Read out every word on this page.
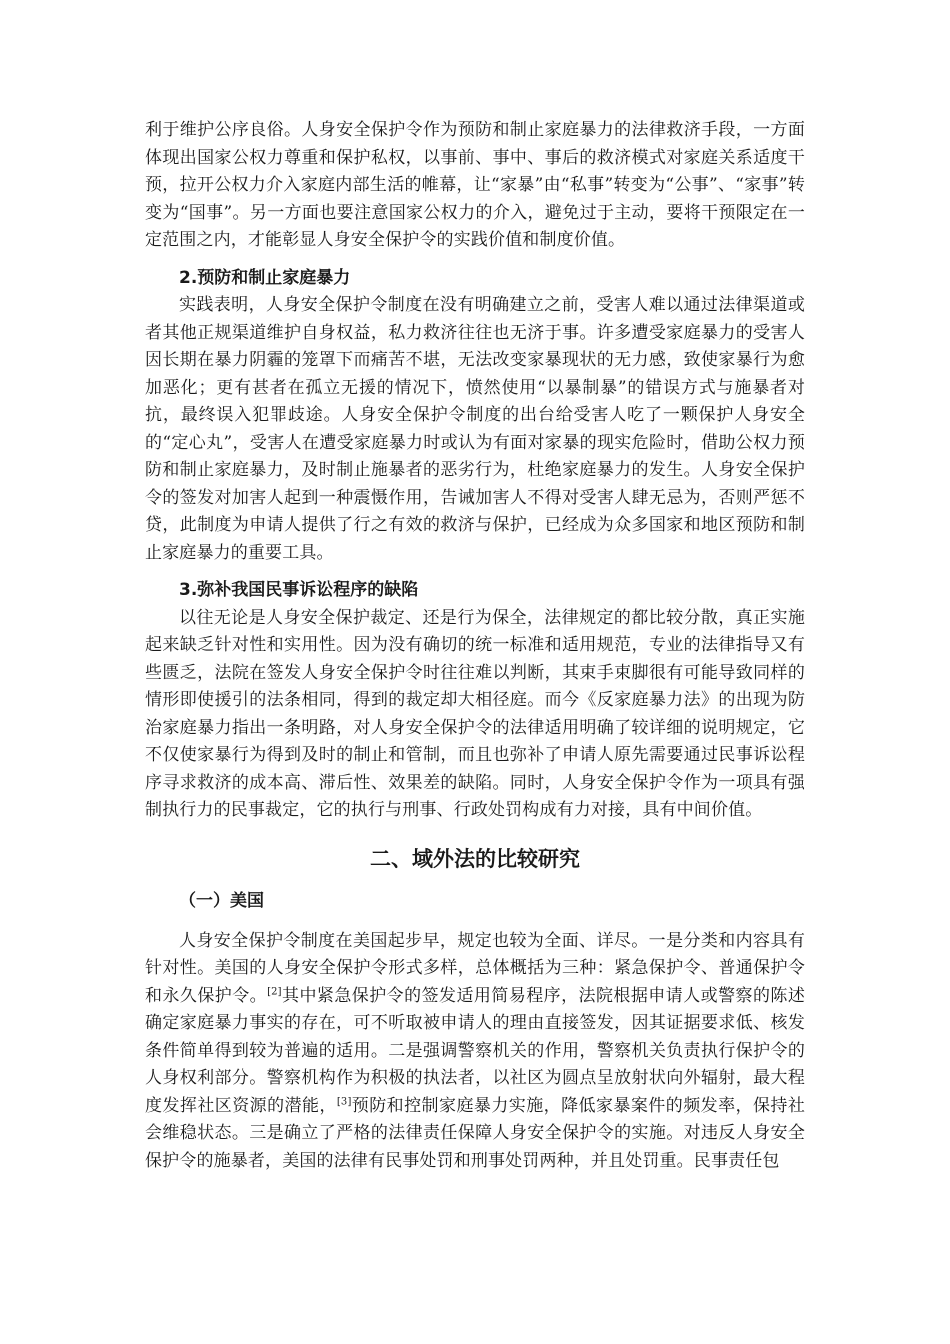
利于维护公序良俗。人身安全保护令作为预防和制止家庭暴力的法律救济手段，一方面体现出国家公权力尊重和保护私权，以事前、事中、事后的救济模式对家庭关系适度干预，拉开公权力介入家庭内部生活的帷幕，让“家暴”由“私事”转变为“公事”、“家事”转变为“国事”。另一方面也要注意国家公权力的介入，避免过于主动，要将干预限定在一定范围之内，才能彰显人身安全保护令的实践价值和制度价值。

2.预防和制止家庭暴力

实践表明，人身安全保护令制度在没有明确建立之前，受害人难以通过法律渠道或者其他正规渠道维护自身权益，私力救济往往也无济于事。许多遭受家庭暴力的受害人因长期在暴力阴霾的笼罩下而痛苦不堪，无法改变家暴现状的无力感，致使家暴行为愈加恶化；更有甚者在孤立无援的情况下，愤然使用“以暴制暴”的错误方式与施暴者对抗，最终误入犯罪歧途。人身安全保护令制度的出台给受害人吃了一颗保护人身安全的“定心丸”，受害人在遭受家庭暴力时或认为有面对家暴的现实危险时，借助公权力预防和制止家庭暴力，及时制止施暴者的恶劣行为，杜绝家庭暴力的发生。人身安全保护令的签发对加害人起到一种震慑作用，告诫加害人不得对受害人肆无忌为，否则严惩不贷，此制度为申请人提供了行之有效的救济与保护，已经成为众多国家和地区预防和制止家庭暴力的重要工具。

3.弥补我国民事诉讼程序的缺陷

以往无论是人身安全保护裁定、还是行为保全，法律规定的都比较分散，真正实施起来缺乏针对性和实用性。因为没有确切的统一标准和适用规范，专业的法律指导又有些匮乏，法院在签发人身安全保护令时往往难以判断，其束手束脚很有可能导致同样的情形即使援引的法条相同，得到的裁定却大相径庭。而今《反家庭暴力法》的出现为防治家庭暴力指出一条明路，对人身安全保护令的法律适用明确了较详细的说明规定，它不仅使家暴行为得到及时的制止和管制，而且也弥补了申请人原先需要通过民事诉讼程序寻求救济的成本高、滞后性、效果差的缺陷。同时，人身安全保护令作为一项具有强制执行力的民事裁定，它的执行与刑事、行政处罚构成有力对接，具有中间价值。

二、域外法的比较研究
（一）美国

人身安全保护令制度在美国起步早，规定也较为全面、详尽。一是分类和内容具有针对性。美国的人身安全保护令形式多样，总体概括为三种：紧急保护令、普通保护令和永久保护令。[2]其中紧急保护令的签发适用简易程序，法院根据申请人或警察的陈述确定家庭暴力事实的存在，可不听取被申请人的理由直接签发，因其证据要求低、核发条件简单得到较为普遍的适用。二是强调警察机关的作用，警察机关负责执行保护令的人身权利部分。警察机构作为积极的执法者，以社区为圆点呈放射状向外辐射，最大程度发挥社区资源的潜能，[3]预防和控制家庭暴力实施，降低家暴案件的频发率，保持社会维稳状态。三是确立了严格的法律责任保障人身安全保护令的实施。对违反人身安全保护令的施暴者，美国的法律有民事处罚和刑事处罚两种，并且处罚重。民事责任包
